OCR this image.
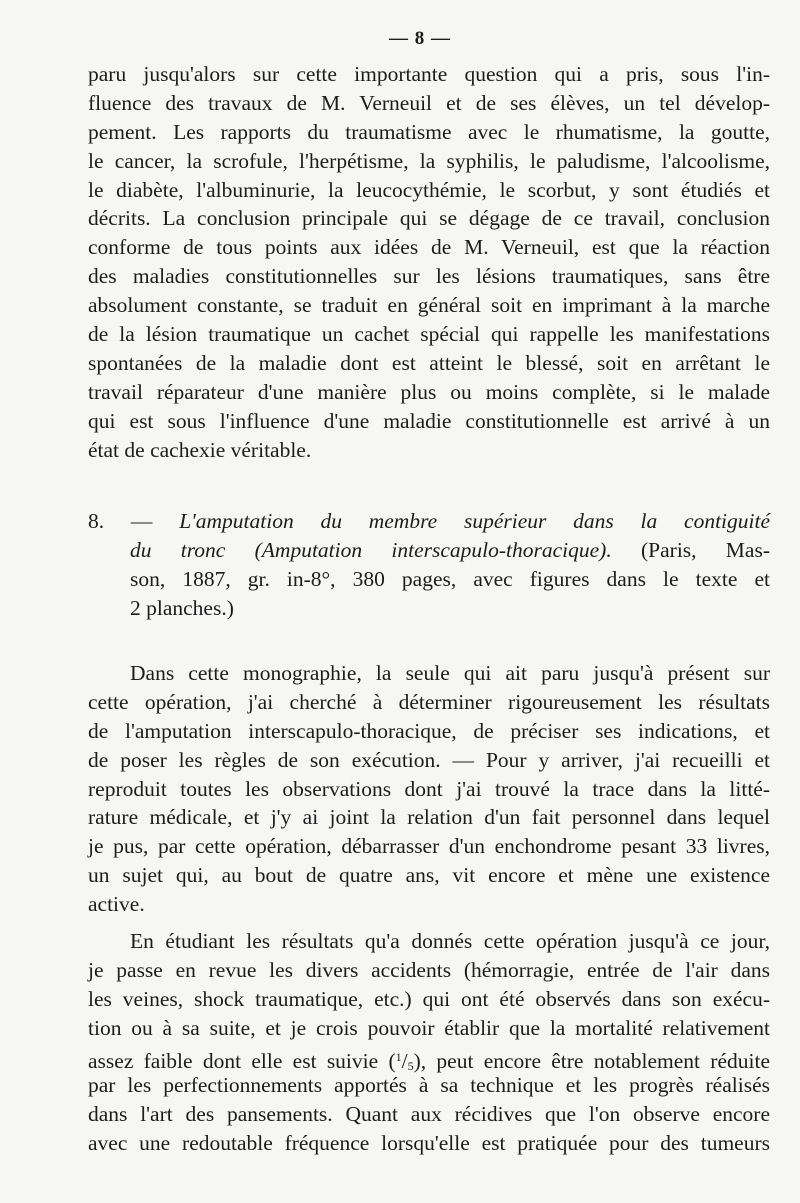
— 8 —
paru jusqu'alors sur cette importante question qui a pris, sous l'in-
fluence des travaux de M. Verneuil et de ses élèves, un tel dévelop-
pement. Les rapports du traumatisme avec le rhumatisme, la goutte,
le cancer, la scrofule, l'herpétisme, la syphilis, le paludisme, l'alcoolisme,
le diabète, l'albuminurie, la leucocythémie, le scorbut, y sont étudiés et
décrits. La conclusion principale qui se dégage de ce travail, conclusion
conforme de tous points aux idées de M. Verneuil, est que la réaction
des maladies constitutionnelles sur les lésions traumatiques, sans être
absolument constante, se traduit en général soit en imprimant à la marche
de la lésion traumatique un cachet spécial qui rappelle les manifestations
spontanées de la maladie dont est atteint le blessé, soit en arrêtant le
travail réparateur d'une manière plus ou moins complète, si le malade
qui est sous l'influence d'une maladie constitutionnelle est arrivé à un
état de cachexie véritable.
8. — L'amputation du membre supérieur dans la contiguité
du tronc (Amputation interscapulo-thoracique). (Paris, Mas-
son, 1887, gr. in-8°, 380 pages, avec figures dans le texte et
2 planches.)
Dans cette monographie, la seule qui ait paru jusqu'à présent sur
cette opération, j'ai cherché à déterminer rigoureusement les résultats
de l'amputation interscapulo-thoracique, de préciser ses indications, et
de poser les règles de son exécution. — Pour y arriver, j'ai recueilli et
reproduit toutes les observations dont j'ai trouvé la trace dans la litté-
rature médicale, et j'y ai joint la relation d'un fait personnel dans lequel
je pus, par cette opération, débarrasser d'un enchondrome pesant 33 livres,
un sujet qui, au bout de quatre ans, vit encore et mène une existence
active.
En étudiant les résultats qu'a donnés cette opération jusqu'à ce jour,
je passe en revue les divers accidents (hémorragie, entrée de l'air dans
les veines, shock traumatique, etc.) qui ont été observés dans son exécu-
tion ou à sa suite, et je crois pouvoir établir que la mortalité relativement
assez faible dont elle est suivie ($^1$/5), peut encore être notablement réduite
par les perfectionnements apportés à sa technique et les progrès réalisés
dans l'art des pansements. Quant aux récidives que l'on observe encore
avec une redoutable fréquence lorsqu'elle est pratiquée pour des tumeurs
